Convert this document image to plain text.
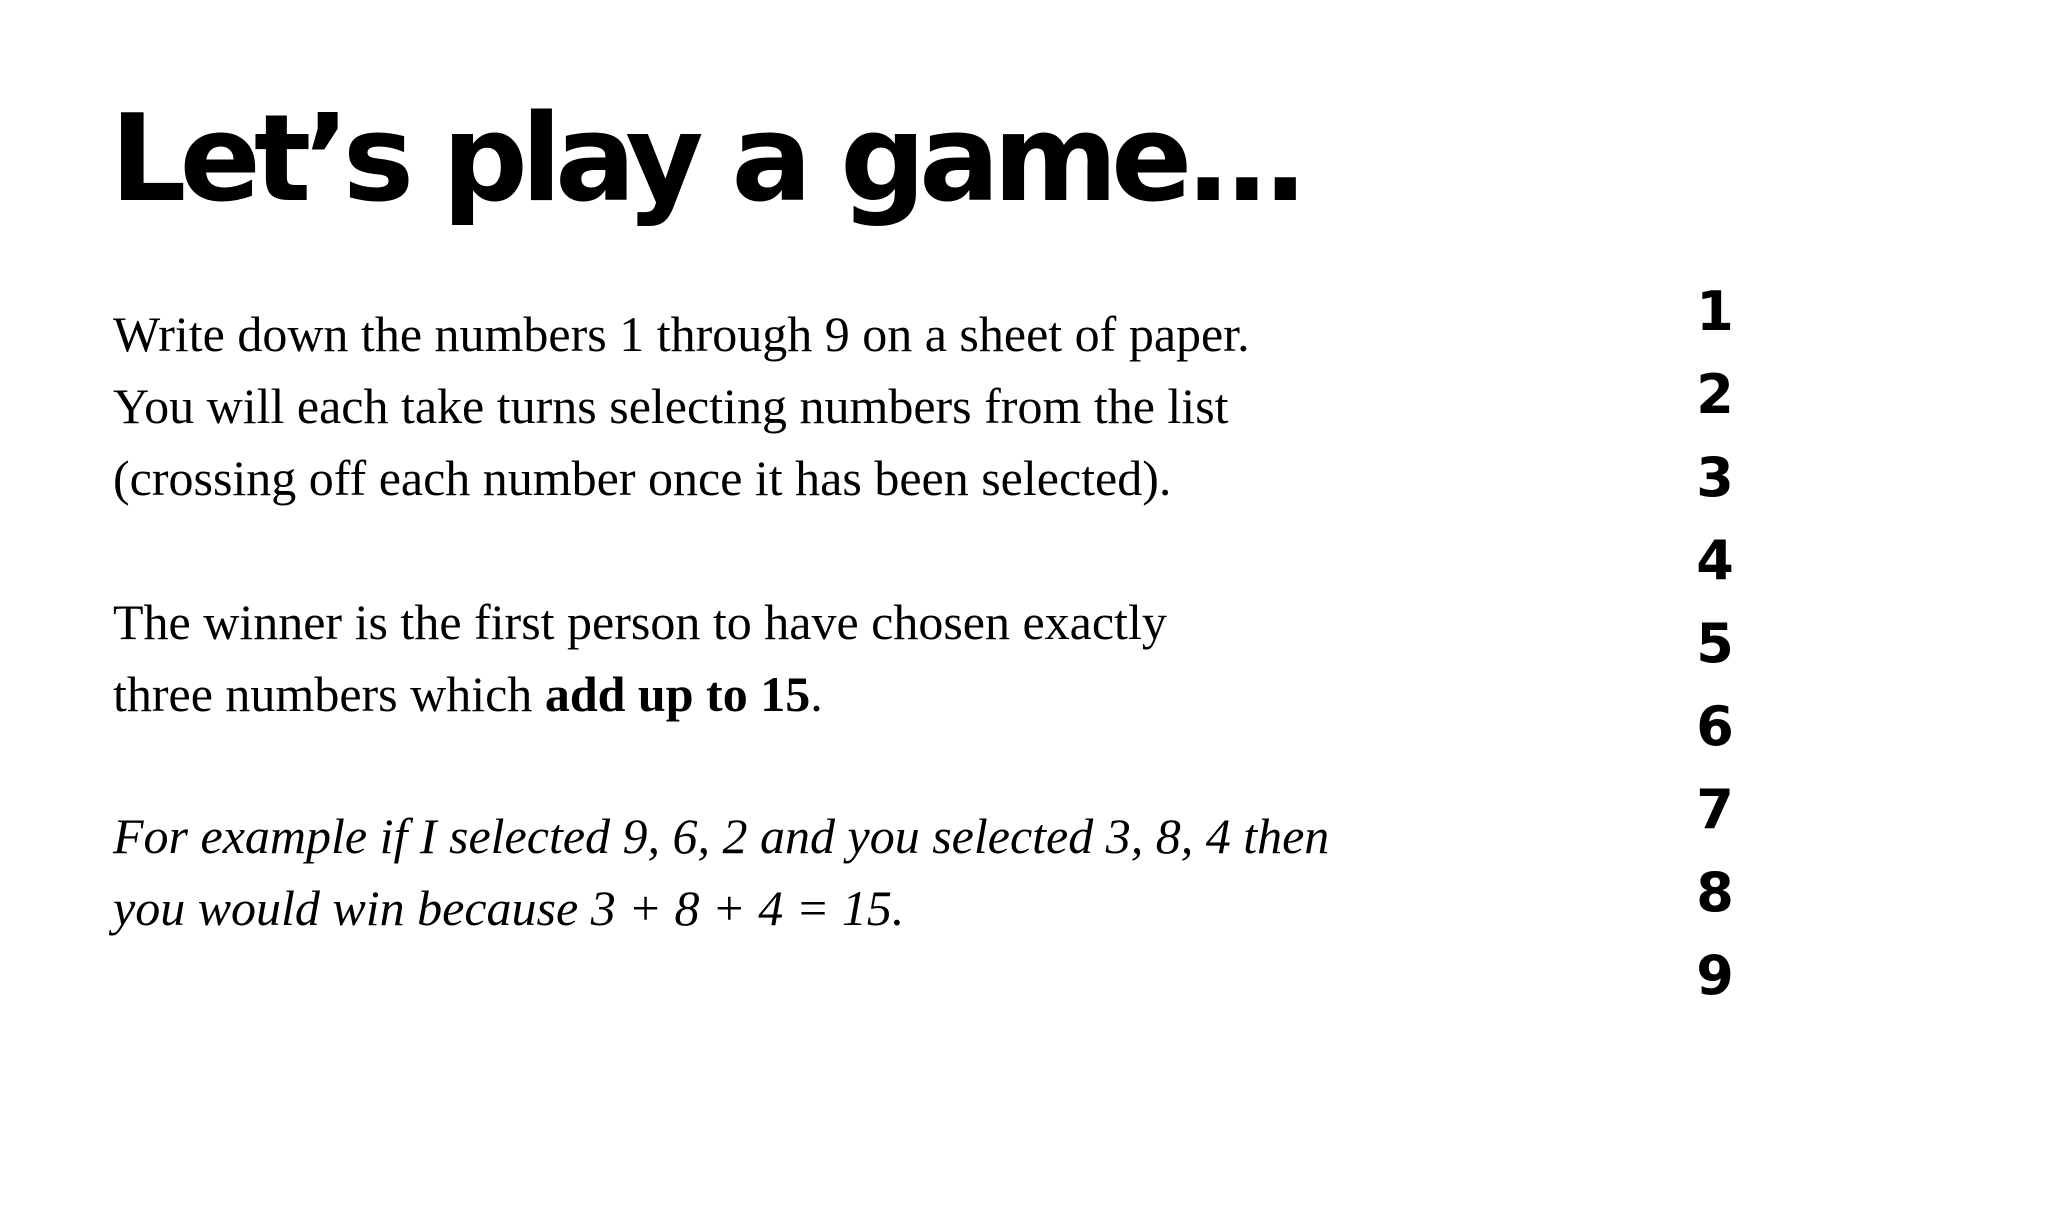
Let’s play a game...

Write down the numbers 1 through 9 on a sheet of paper.
You will each take turns selecting numbers from the list
(crossing off each number once it has been selected).

The winner is the first person to have chosen exactly
three numbers which add up to 15.

For example if I selected 9, 6, 2 and you selected 3, 8, 4 then
you would win because 3 + 8 + 4 = 15.

1
2
3
4
5
6
7
8
9
